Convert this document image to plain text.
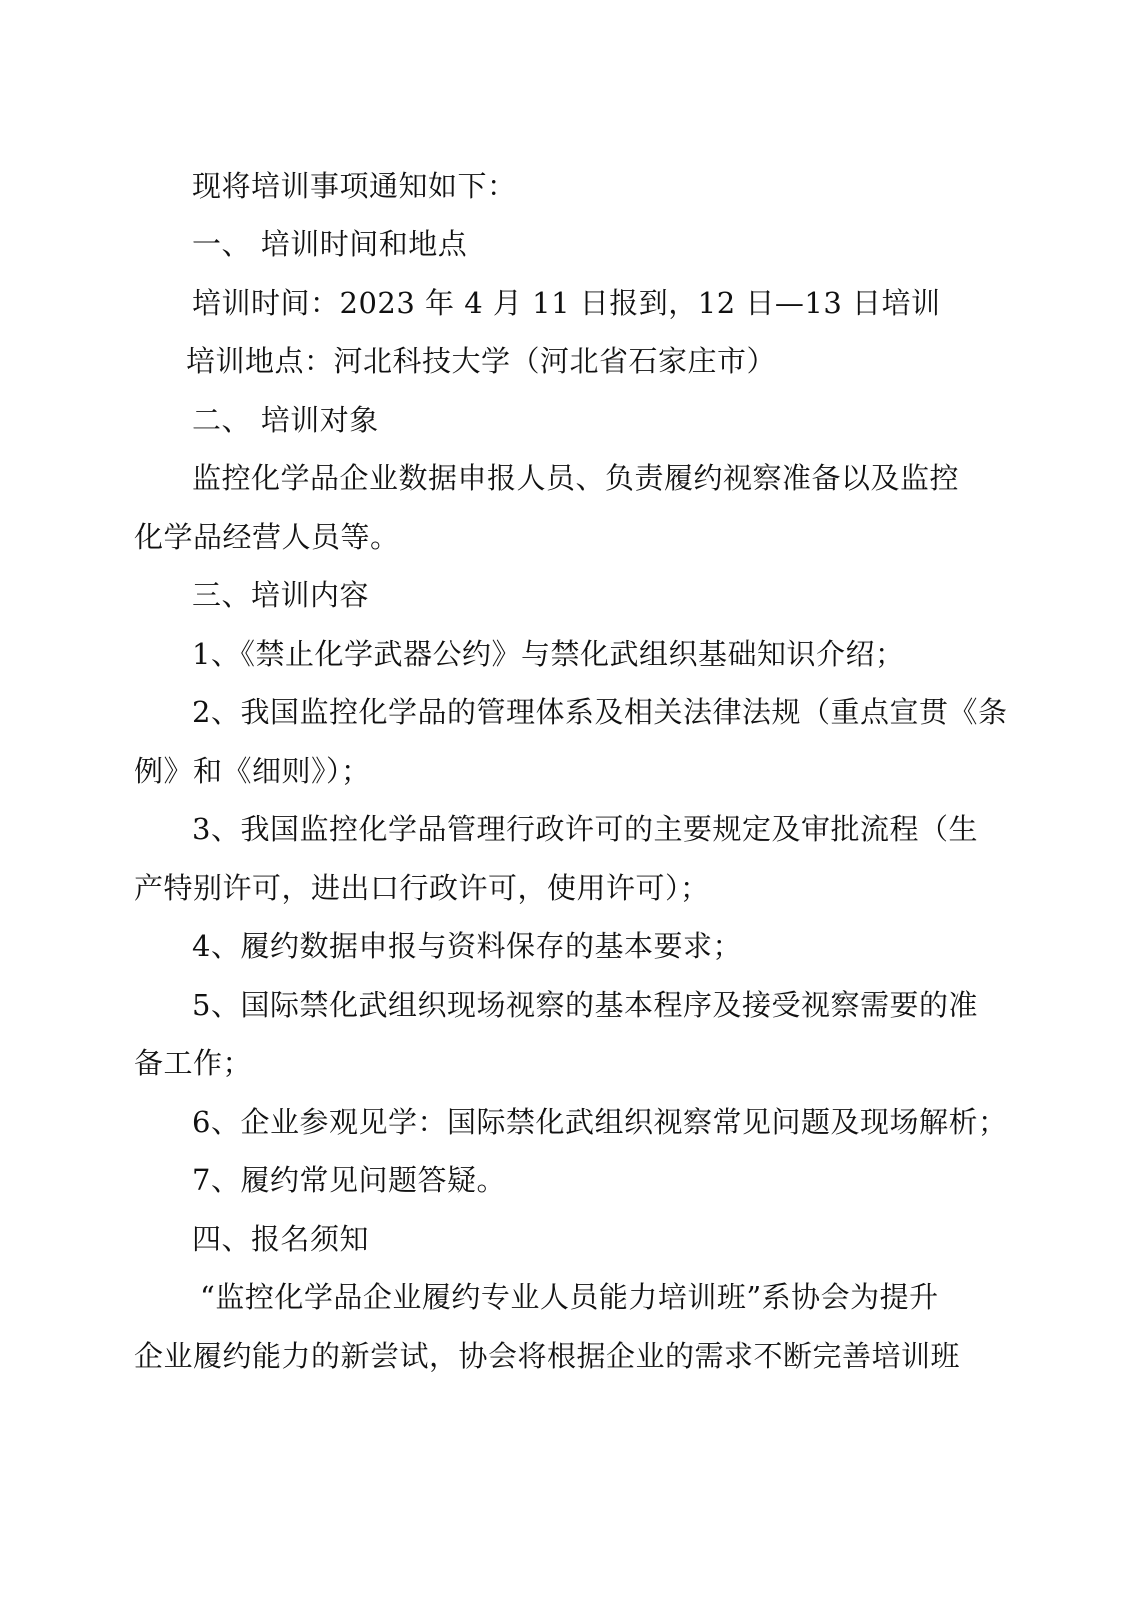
现将培训事项通知如下：
一、 培训时间和地点
培训时间：2023 年 4 月 11 日报到，12 日—13 日培训
培训地点：河北科技大学（河北省石家庄市）
二、 培训对象
监控化学品企业数据申报人员、负责履约视察准备以及监控
化学品经营人员等。
三、培训内容
1、《禁止化学武器公约》与禁化武组织基础知识介绍；
2、我国监控化学品的管理体系及相关法律法规（重点宣贯《条
例》和《细则》）；
3、我国监控化学品管理行政许可的主要规定及审批流程（生
产特别许可，进出口行政许可，使用许可）；
4、履约数据申报与资料保存的基本要求；
5、国际禁化武组织现场视察的基本程序及接受视察需要的准
备工作；
6、企业参观见学：国际禁化武组织视察常见问题及现场解析；
7、履约常见问题答疑。
四、报名须知
“监控化学品企业履约专业人员能力培训班”系协会为提升
企业履约能力的新尝试，协会将根据企业的需求不断完善培训班
